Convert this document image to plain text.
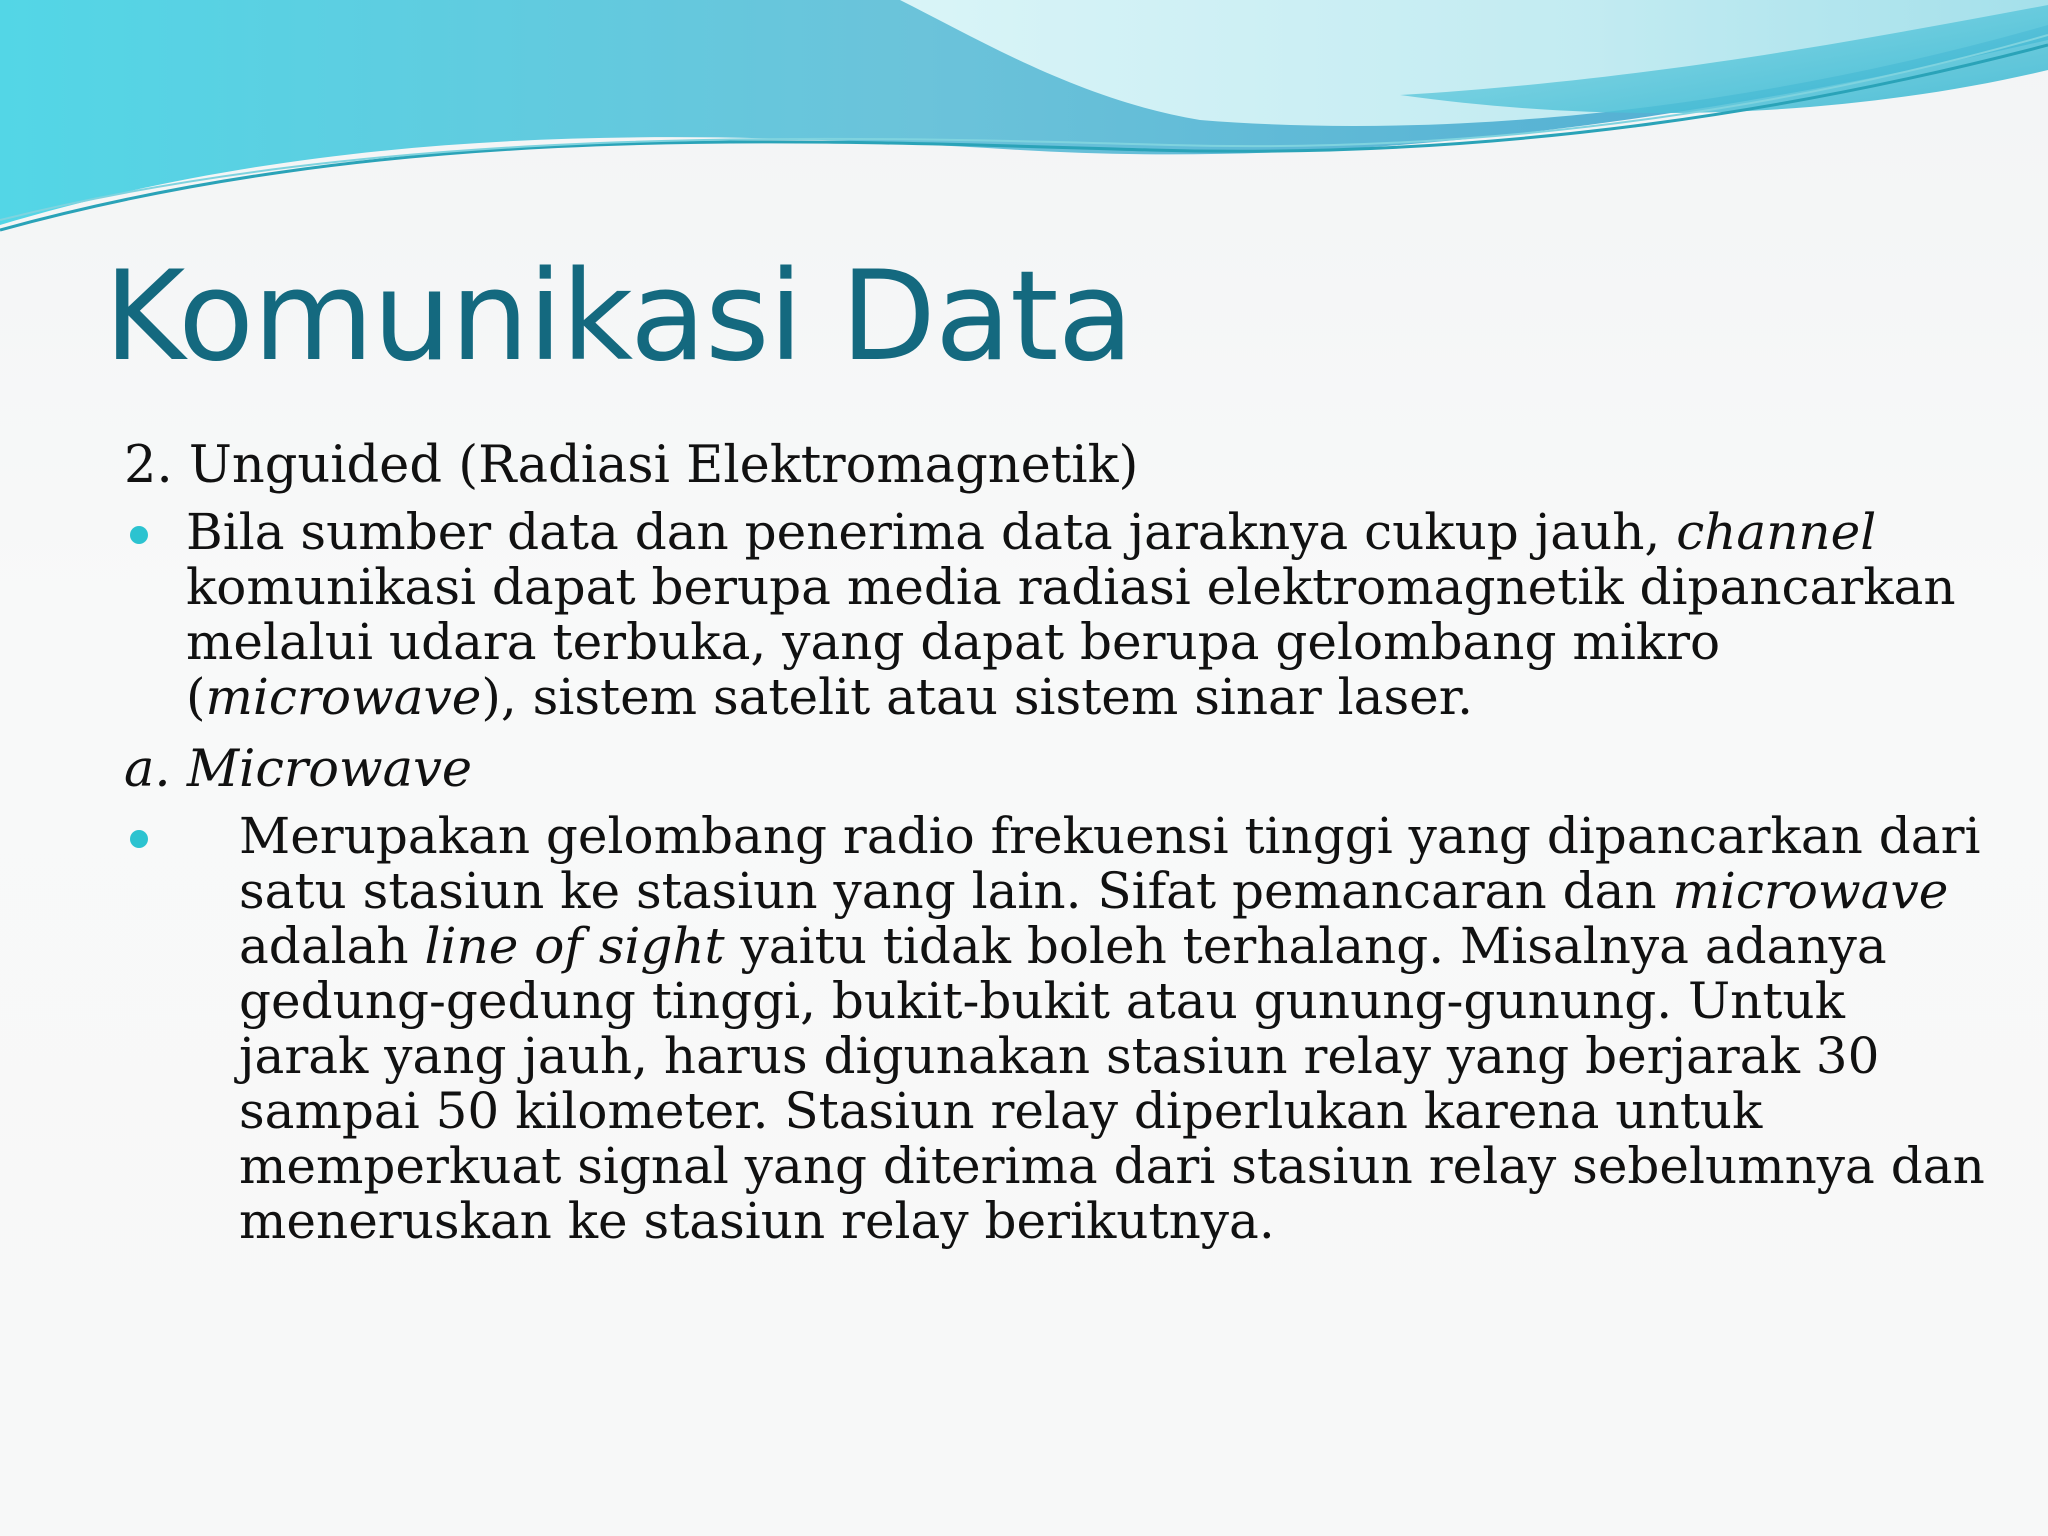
Komunikasi Data
2. Unguided (Radiasi Elektromagnetik)
Bila sumber data dan penerima data jaraknya cukup jauh, channel
komunikasi dapat berupa media radiasi elektromagnetik dipancarkan
melalui udara terbuka, yang dapat berupa gelombang mikro
(microwave), sistem satelit atau sistem sinar laser.
a. Microwave
Merupakan gelombang radio frekuensi tinggi yang dipancarkan dari
satu stasiun ke stasiun yang lain. Sifat pemancaran dan microwave
adalah line of sight yaitu tidak boleh terhalang. Misalnya adanya
gedung-gedung tinggi, bukit-bukit atau gunung-gunung. Untuk
jarak yang jauh, harus digunakan stasiun relay yang berjarak 30
sampai 50 kilometer. Stasiun relay diperlukan karena untuk
memperkuat signal yang diterima dari stasiun relay sebelumnya dan
meneruskan ke stasiun relay berikutnya.
